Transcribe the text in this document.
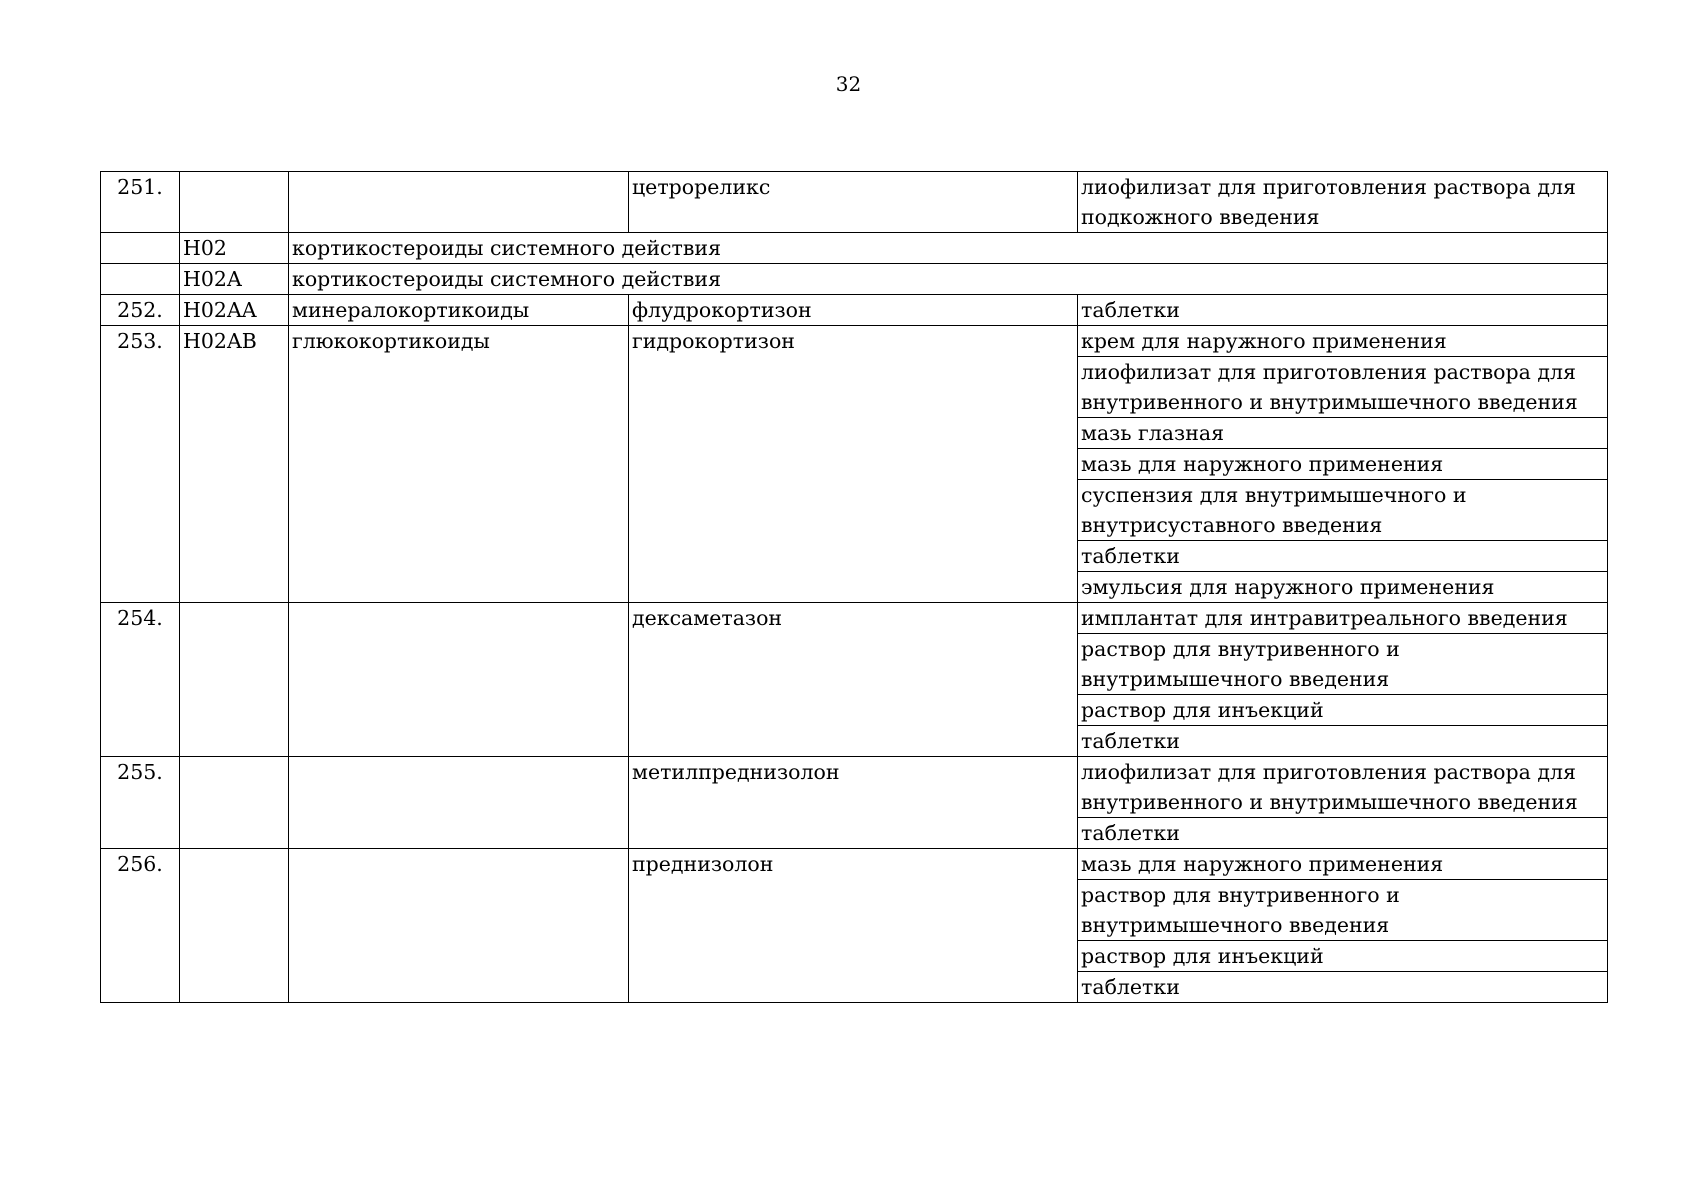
32
251.			цетрореликс	лиофилизат для приготовления раствора для подкожного введения
	H02	кортикостероиды системного действия		
	H02A	кортикостероиды системного действия		
252.	H02AA	минералокортикоиды	флудрокортизон	таблетки
253.	H02AB	глюкокортикоиды	гидрокортизон	крем для наружного применения
				лиофилизат для приготовления раствора для внутривенного и внутримышечного введения
				мазь глазная
				мазь для наружного применения
				суспензия для внутримышечного и внутрисуставного введения
				таблетки
				эмульсия для наружного применения
254.			дексаметазон	имплантат для интравитреального введения
				раствор для внутривенного и внутримышечного введения
				раствор для инъекций
				таблетки
255.			метилпреднизолон	лиофилизат для приготовления раствора для внутривенного и внутримышечного введения
				таблетки
256.			преднизолон	мазь для наружного применения
				раствор для внутривенного и внутримышечного введения
				раствор для инъекций
				таблетки
